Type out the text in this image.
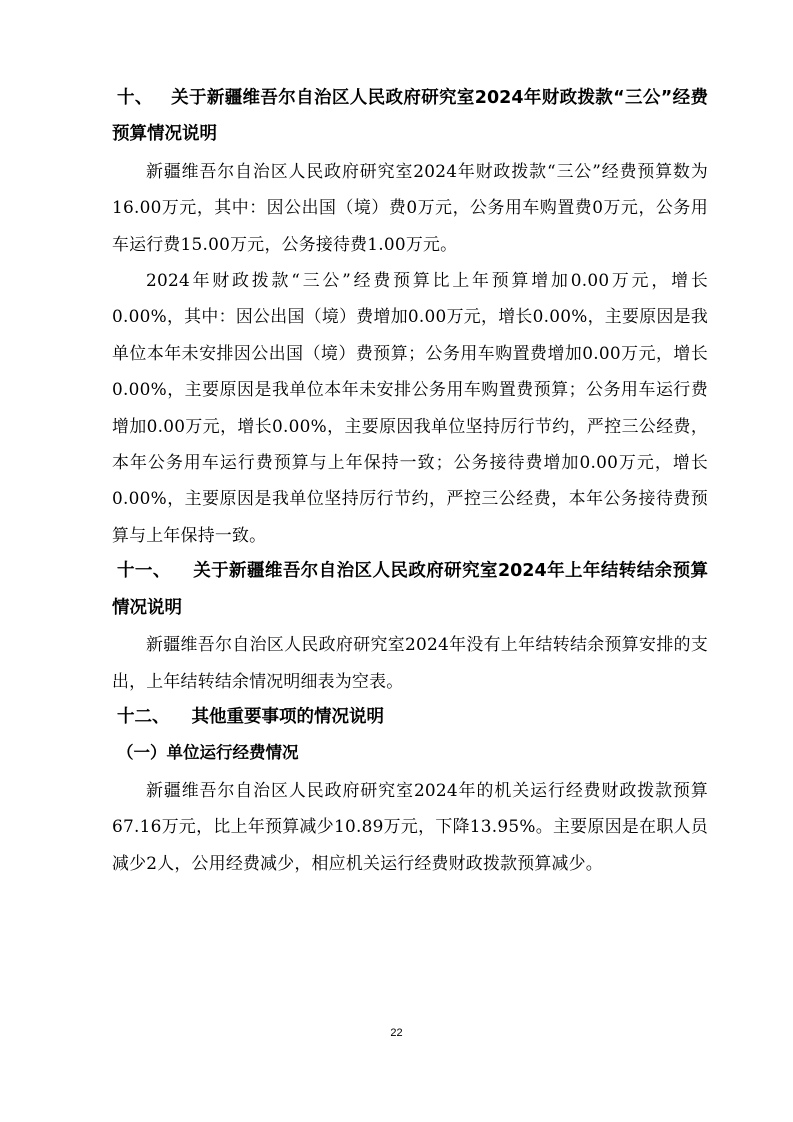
十、 关于新疆维吾尔自治区人民政府研究室2024年财政拨款“三公”经费预算情况说明

新疆维吾尔自治区人民政府研究室2024年财政拨款“三公”经费预算数为16.00万元，其中：因公出国（境）费0万元，公务用车购置费0万元，公务用车运行费15.00万元，公务接待费1.00万元。

2024年财政拨款“三公”经费预算比上年预算增加0.00万元，增长0.00%，其中：因公出国（境）费增加0.00万元，增长0.00%，主要原因是我单位本年未安排因公出国（境）费预算；公务用车购置费增加0.00万元，增长0.00%，主要原因是我单位本年未安排公务用车购置费预算；公务用车运行费增加0.00万元，增长0.00%，主要原因我单位坚持厉行节约，严控三公经费，本年公务用车运行费预算与上年保持一致；公务接待费增加0.00万元，增长0.00%，主要原因是我单位坚持厉行节约，严控三公经费，本年公务接待费预算与上年保持一致。

十一、 关于新疆维吾尔自治区人民政府研究室2024年上年结转结余预算情况说明

新疆维吾尔自治区人民政府研究室2024年没有上年结转结余预算安排的支出，上年结转结余情况明细表为空表。

十二、 其他重要事项的情况说明

（一）单位运行经费情况

新疆维吾尔自治区人民政府研究室2024年的机关运行经费财政拨款预算67.16万元，比上年预算减少10.89万元，下降13.95%。主要原因是在职人员减少2人，公用经费减少，相应机关运行经费财政拨款预算减少。

22
